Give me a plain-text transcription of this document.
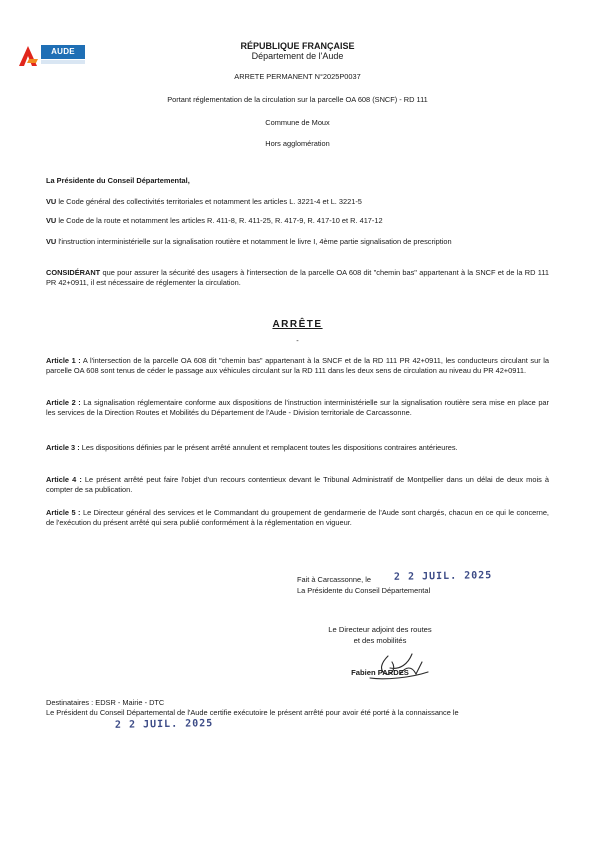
AUDE
RÉPUBLIQUE FRANÇAISE
Département de l'Aude
ARRETE PERMANENT N°2025P0037
Portant réglementation de la circulation sur la parcelle OA 608 (SNCF) - RD 111
Commune de Moux
Hors agglomération
La Présidente du Conseil Départemental,
VU le Code général des collectivités territoriales et notamment les articles L. 3221-4 et L. 3221-5
VU le Code de la route et notamment les articles R. 411-8, R. 411-25, R. 417-9, R. 417-10 et R. 417-12
VU l'instruction interministérielle sur la signalisation routière et notamment le livre I, 4ème partie signalisation de prescription
CONSIDÉRANT que pour assurer la sécurité des usagers à l'intersection de la parcelle OA 608 dit "chemin bas" appartenant à la SNCF et de la RD 111 PR 42+0911, il est nécessaire de réglementer la circulation.
ARRÊTE
-
Article 1 : A l'intersection de la parcelle OA 608 dit "chemin bas" appartenant à la SNCF et de la RD 111 PR 42+0911, les conducteurs circulant sur la parcelle OA 608 sont tenus de céder le passage aux véhicules circulant sur la RD 111 dans les deux sens de circulation au niveau du PR 42+0911.
Article 2 : La signalisation réglementaire conforme aux dispositions de l'instruction interministérielle sur la signalisation routière sera mise en place par les services de la Direction Routes et Mobilités du Département de l'Aude - Division territoriale de Carcassonne.
Article 3 : Les dispositions définies par le présent arrêté annulent et remplacent toutes les dispositions contraires antérieures.
Article 4 : Le présent arrêté peut faire l'objet d'un recours contentieux devant le Tribunal Administratif de Montpellier dans un délai de deux mois à compter de sa publication.
Article 5 : Le Directeur général des services et le Commandant du groupement de gendarmerie de l'Aude sont chargés, chacun en ce qui le concerne, de l'exécution du présent arrêté qui sera publié conformément à la réglementation en vigueur.
Fait à Carcassonne, le 2 2 JUIL. 2025
La Présidente du Conseil Départemental
Le Directeur adjoint des routes
et des mobilités
Fabien PARDES
Destinataires : EDSR - Mairie - DTC
Le Président du Conseil Départemental de l'Aude certifie exécutoire le présent arrêté pour avoir été porté à la connaissance le
2 2 JUIL. 2025
